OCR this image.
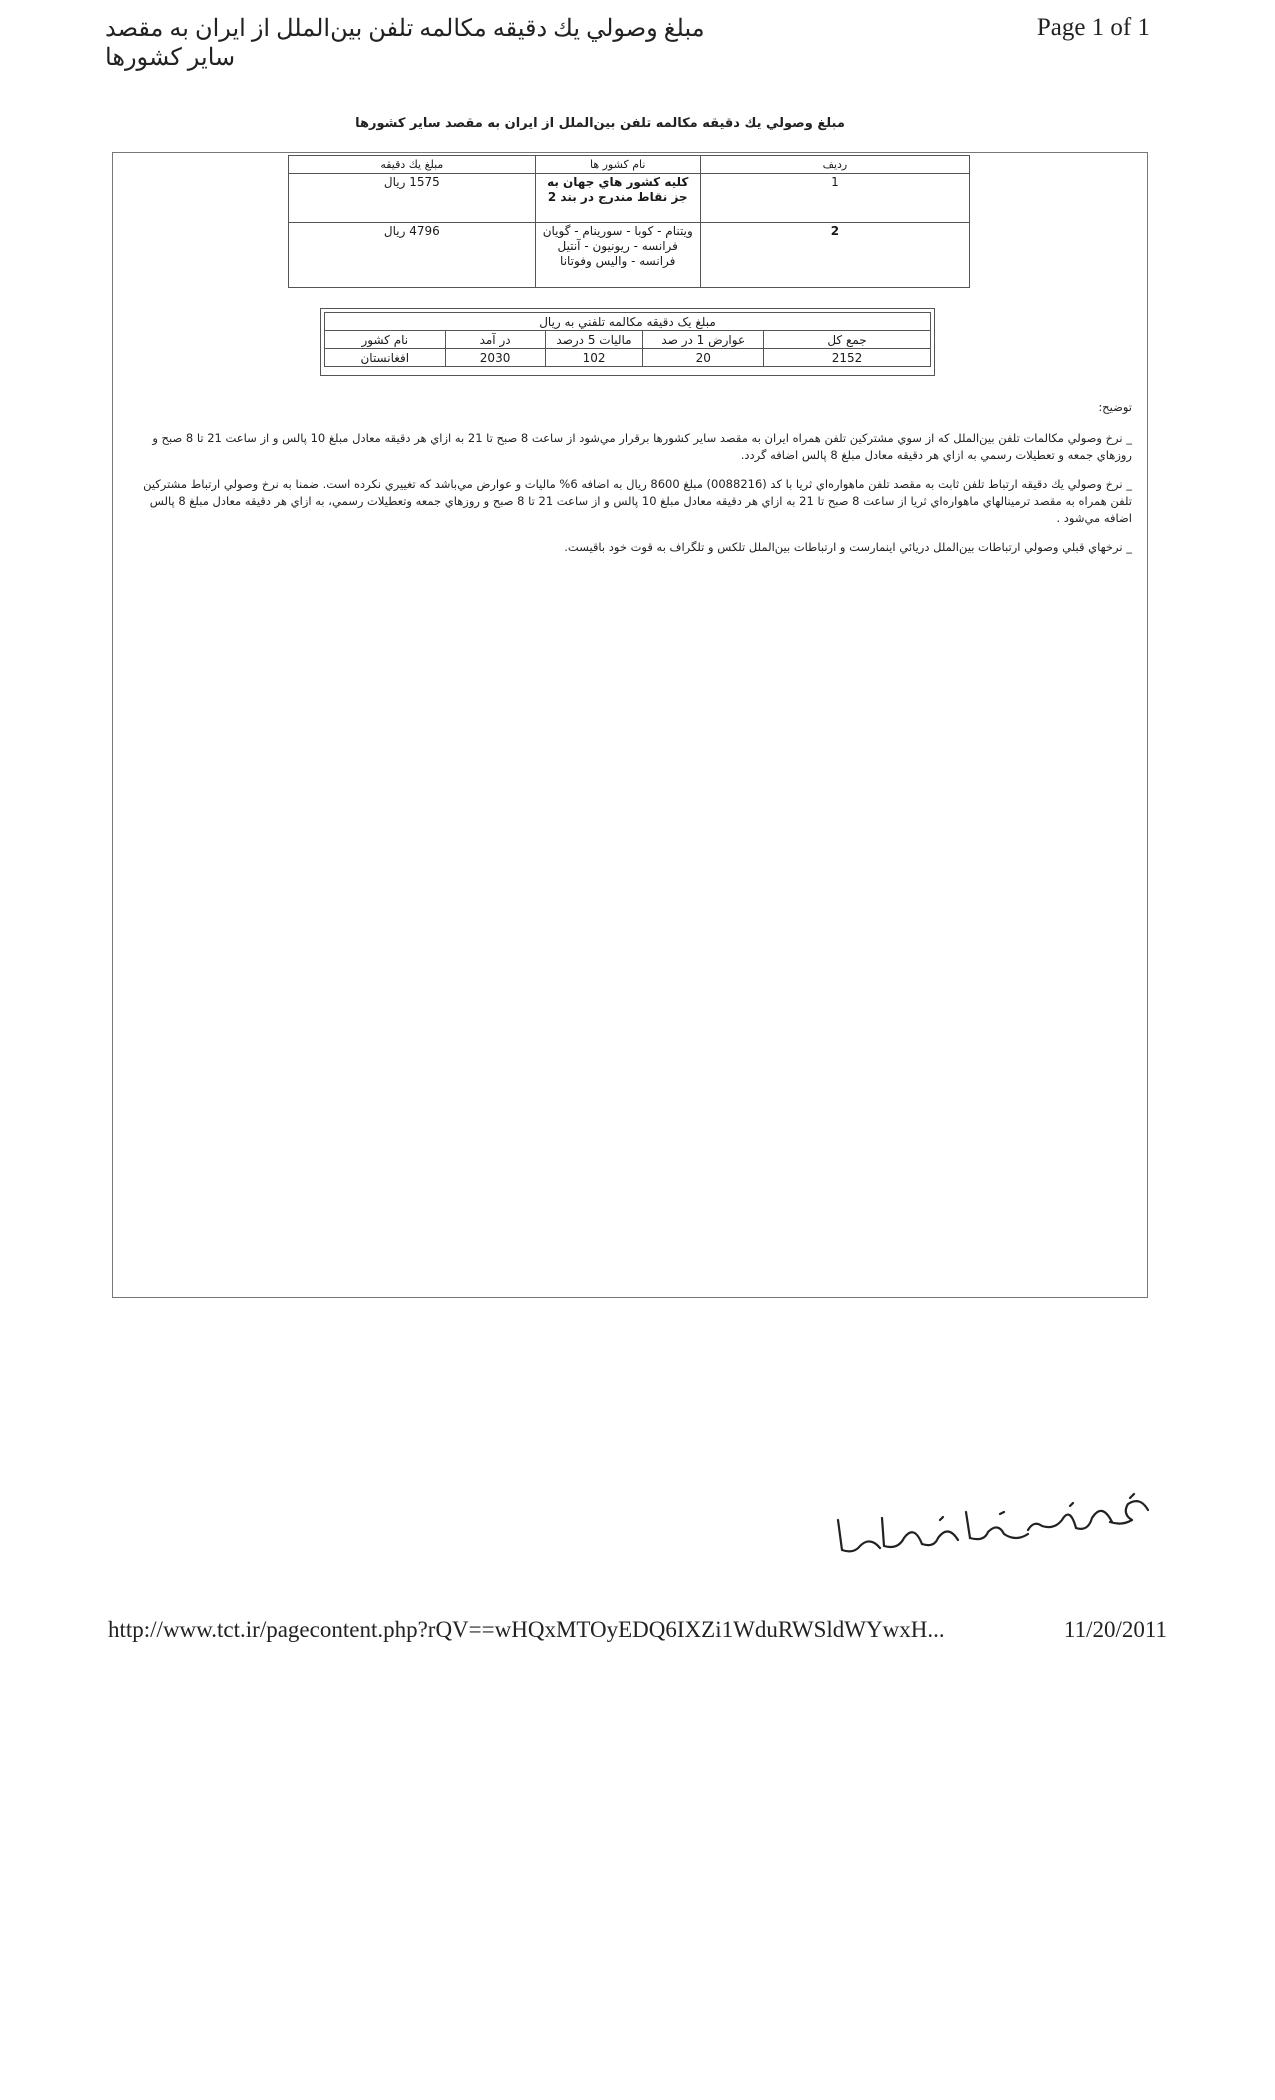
مبلغ وصولي يك دقيقه مكالمه تلفن بين‌الملل از ايران به مقصد ساير كشورها
Page 1 of 1
مبلغ وصولي يك دقيقه مكالمه تلفن بين‌الملل از ايران به مقصد ساير كشورها
رديف	نام كشور ها	مبلغ يك دقيقه
1	كليه كشور هاي جهان به جز نقاط مندرج در بند 2	1575 ريال
2	ويتنام - كوبا - سورينام - گويان فرانسه - ريونيون - آنتيل فرانسه - واليس وفوتانا	4796 ريال
مبلغ يک دقيقه مکالمه تلفني به ريال				
جمع كل	عوارض 1 در صد	ماليات 5 درصد	در آمد	نام كشور
2152	20	102	2030	افغانستان

توضيح:

_ نرخ وصولي مكالمات تلفن بين‌الملل كه از سوي مشتركين تلفن همراه ايران به مقصد ساير كشورها برقرار مي‌شود از ساعت 8 صبح تا 21 به ازاي هر دقيقه معادل مبلغ 10 پالس و از ساعت 21 تا 8 صبح و روزهاي جمعه و تعطيلات رسمي به ازاي هر دقيقه معادل مبلغ 8 پالس اضافه گردد.

_ نرخ وصولي يك دقيقه ارتباط تلفن ثابت به مقصد تلفن ماهواره‌اي ثريا با كد (0088216) مبلغ 8600 ريال به اضافه 6% ماليات و عوارض مي‌باشد كه تغييري نكرده است. ضمنا به نرخ وصولي ارتباط مشتركين تلفن همراه به مقصد ترمينالهاي ماهواره‌اي ثريا از ساعت 8 صبح تا 21 به ازاي هر دقيقه معادل مبلغ 10 پالس و از ساعت 21 تا 8 صبح و روزهاي جمعه وتعطيلات رسمي، به ازاي هر دقيقه معادل مبلغ 8 پالس اضافه مي‌شود .

_ نرخهاي قبلي وصولي ارتباطات بين‌الملل دريائي اينمارست و ارتباطات بين‌الملل تلكس و تلگراف به قوت خود باقيست.

http://www.tct.ir/pagecontent.php?rQV==wHQxMTOyEDQ6IXZi1WduRWSldWYwxH...	11/20/2011
